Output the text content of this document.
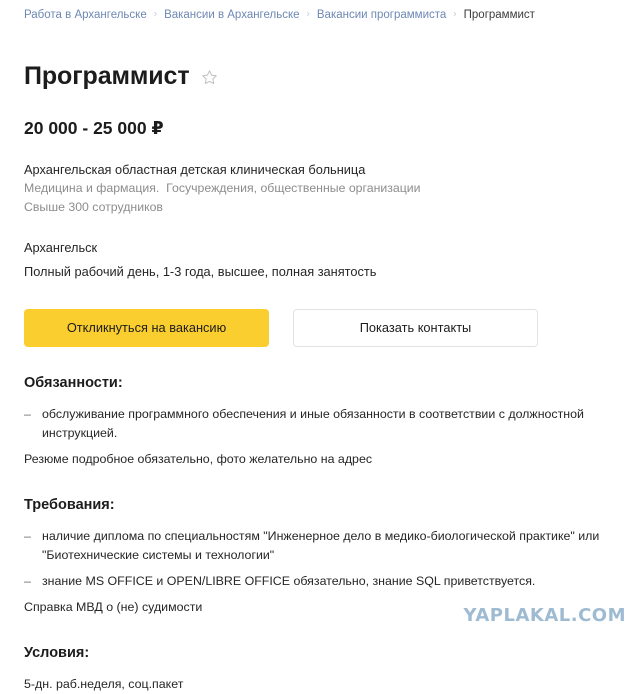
Работа в Архангельске › Вакансии в Архангельске › Вакансии программиста › Программист
Программист
20 000 - 25 000 ₽
Архангельская областная детская клиническая больница
Медицина и фармация.  Госучреждения, общественные организации
Свыше 300 сотрудников
Архангельск
Полный рабочий день, 1-3 года, высшее, полная занятость
Откликнуться на вакансию	Показать контакты
Обязанности:
– обслуживание программного обеспечения и иные обязанности в соответствии с должностной инструкцией.
Резюме подробное обязательно, фото желательно на адрес
Требования:
– наличие диплома по специальностям "Инженерное дело в медико-биологической практике" или "Биотехнические системы и технологии"
– знание MS OFFICE и OPEN/LIBRE OFFICE обязательно, знание SQL приветствуется.
Справка МВД о (не) судимости
Условия:
5-дн. раб.неделя, соц.пакет
YAPLAKAL.COM
